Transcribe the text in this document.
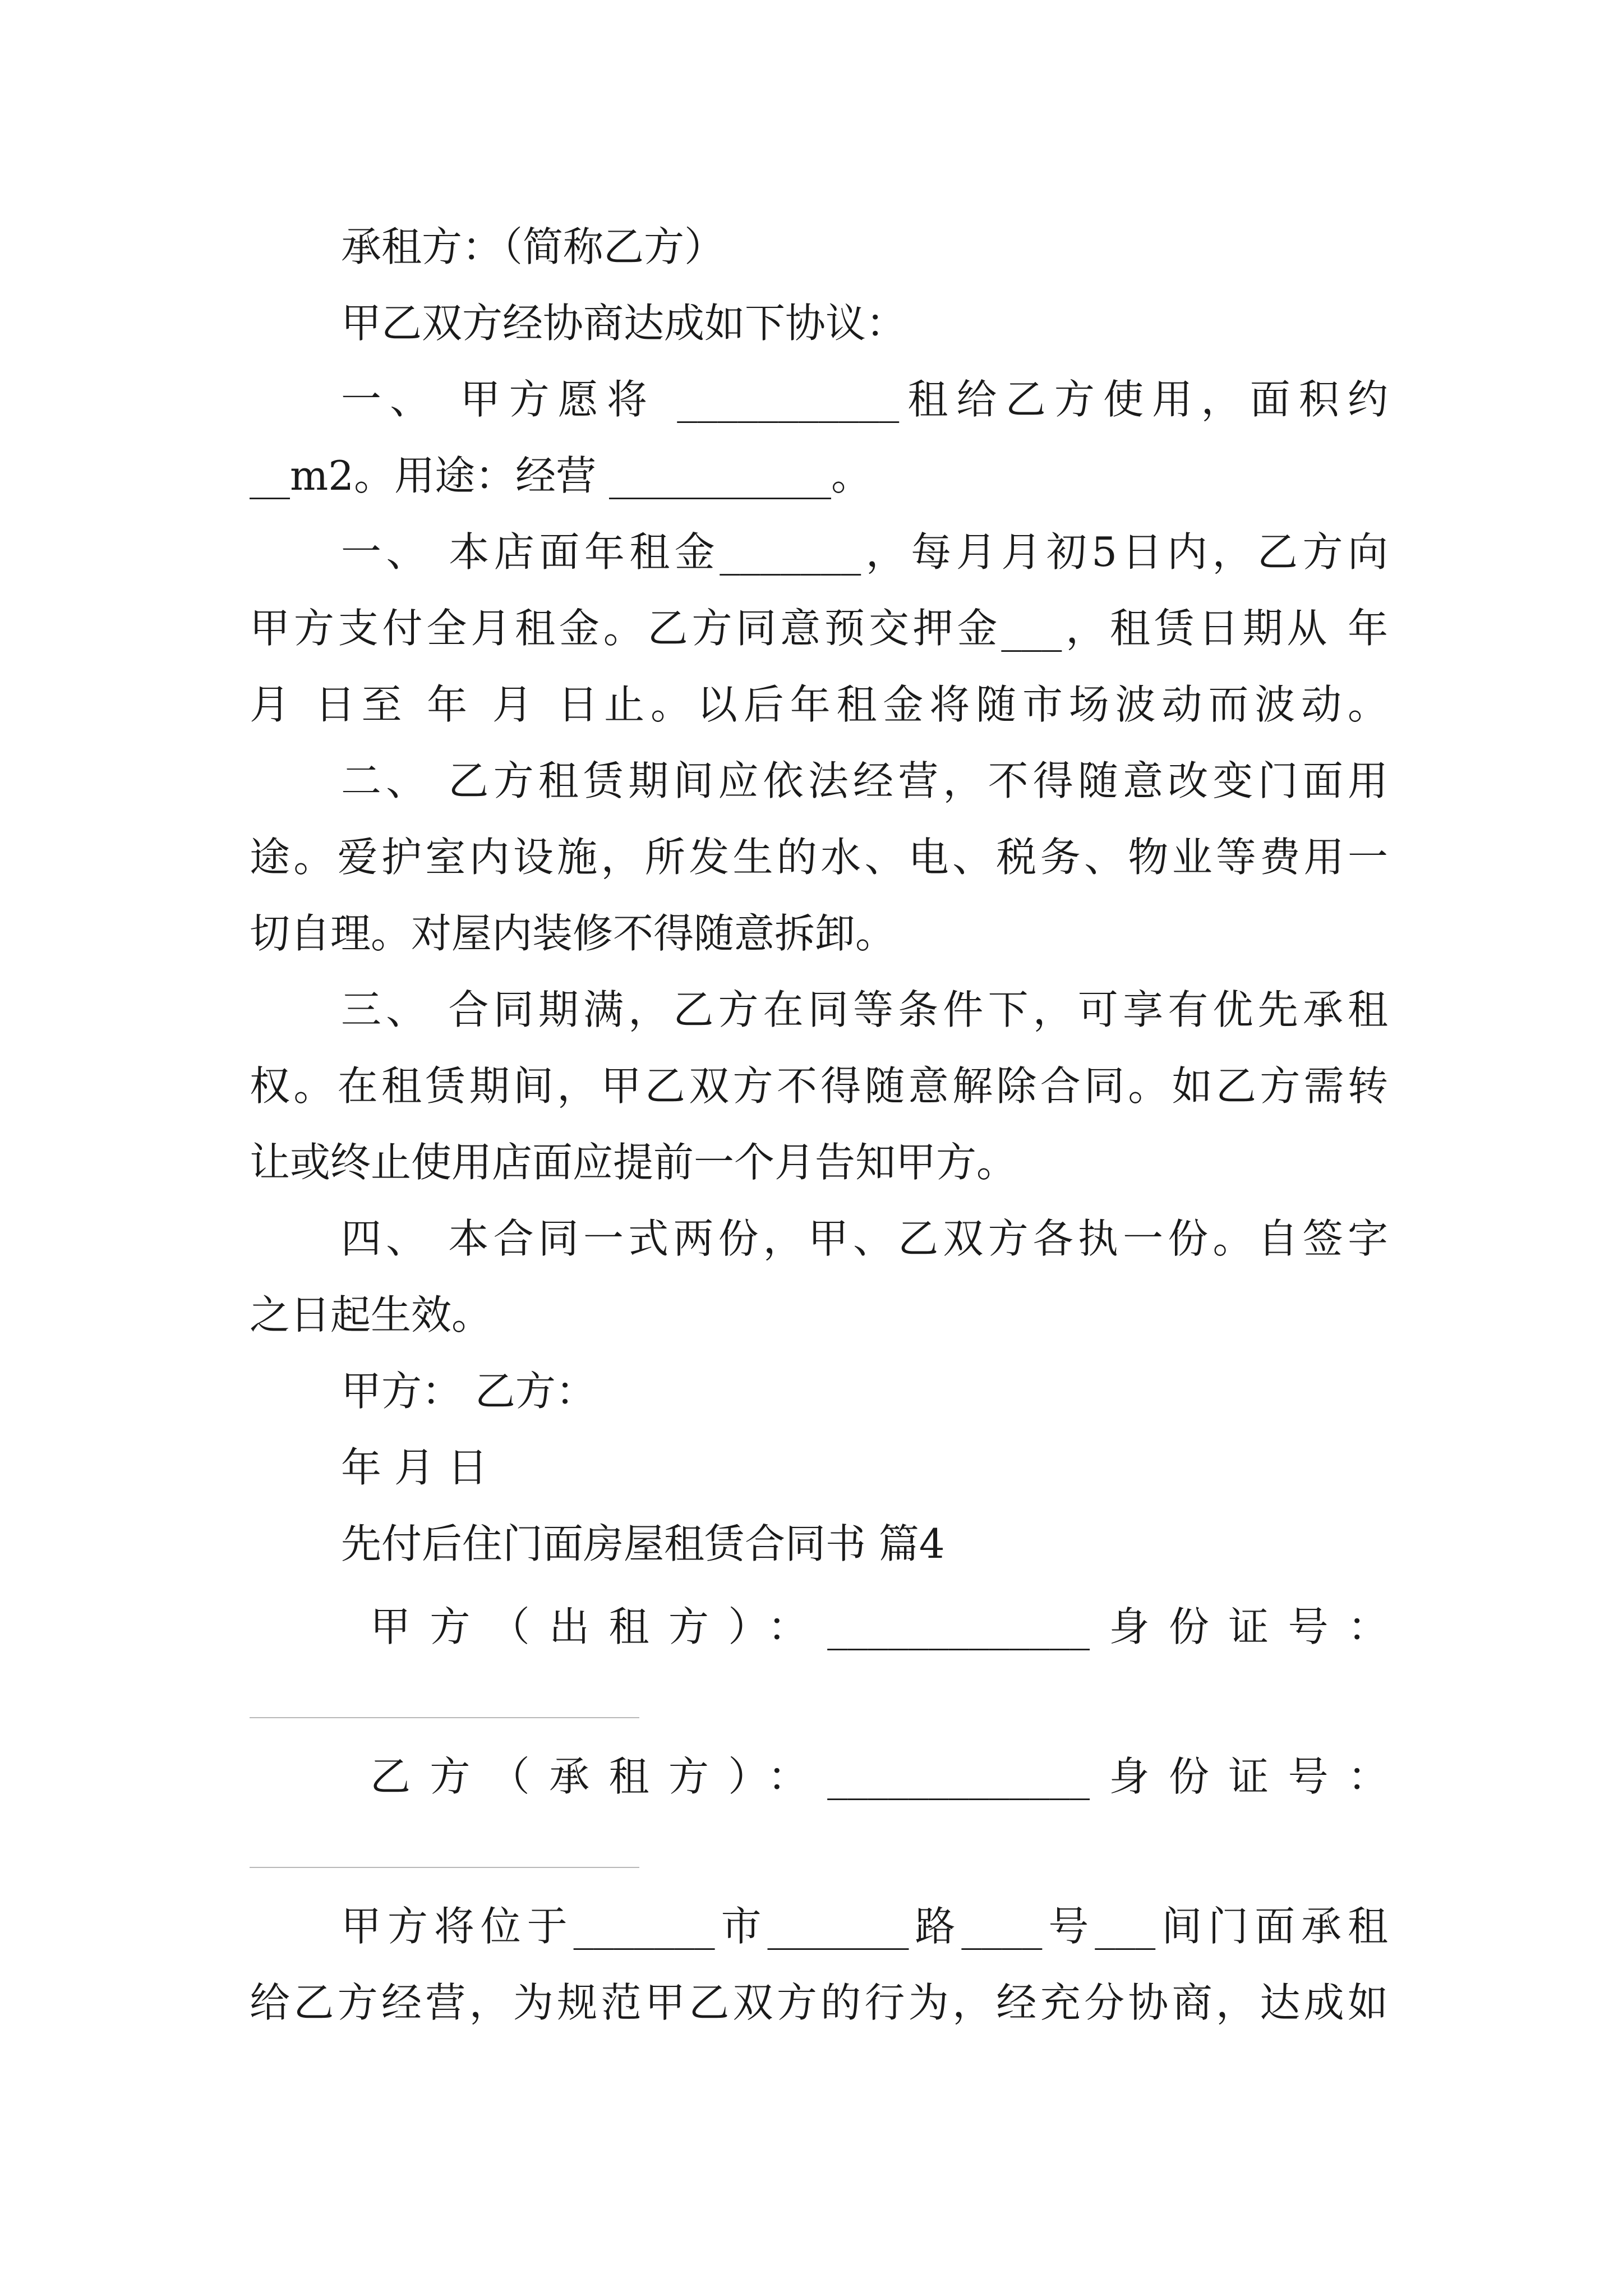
承租方：（简称乙方）
甲乙双方经协商达成如下协议：
一、 甲方愿将 ___________租给乙方使用，面积约
__m2。用途：经营 ___________。
一、 本店面年租金_______，每月月初5日内，乙方向
甲方支付全月租金。乙方同意预交押金___，租赁日期从 年
月 日至 年 月 日止。以后年租金将随市场波动而波动。
二、 乙方租赁期间应依法经营，不得随意改变门面用
途。爱护室内设施，所发生的水、电、税务、物业等费用一
切自理。对屋内装修不得随意拆卸。
三、 合同期满，乙方在同等条件下，可享有优先承租
权。在租赁期间，甲乙双方不得随意解除合同。如乙方需转
让或终止使用店面应提前一个月告知甲方。
四、 本合同一式两份，甲、乙双方各执一份。自签字
之日起生效。
甲方： 乙方：
年 月 日
先付后住门面房屋租赁合同书 篇4
甲方（出租方）：_____________身份证号：
乙方（承租方）：_____________身份证号：
甲方将位于_______市_______路____号___间门面承租
给乙方经营，为规范甲乙双方的行为，经充分协商，达成如
